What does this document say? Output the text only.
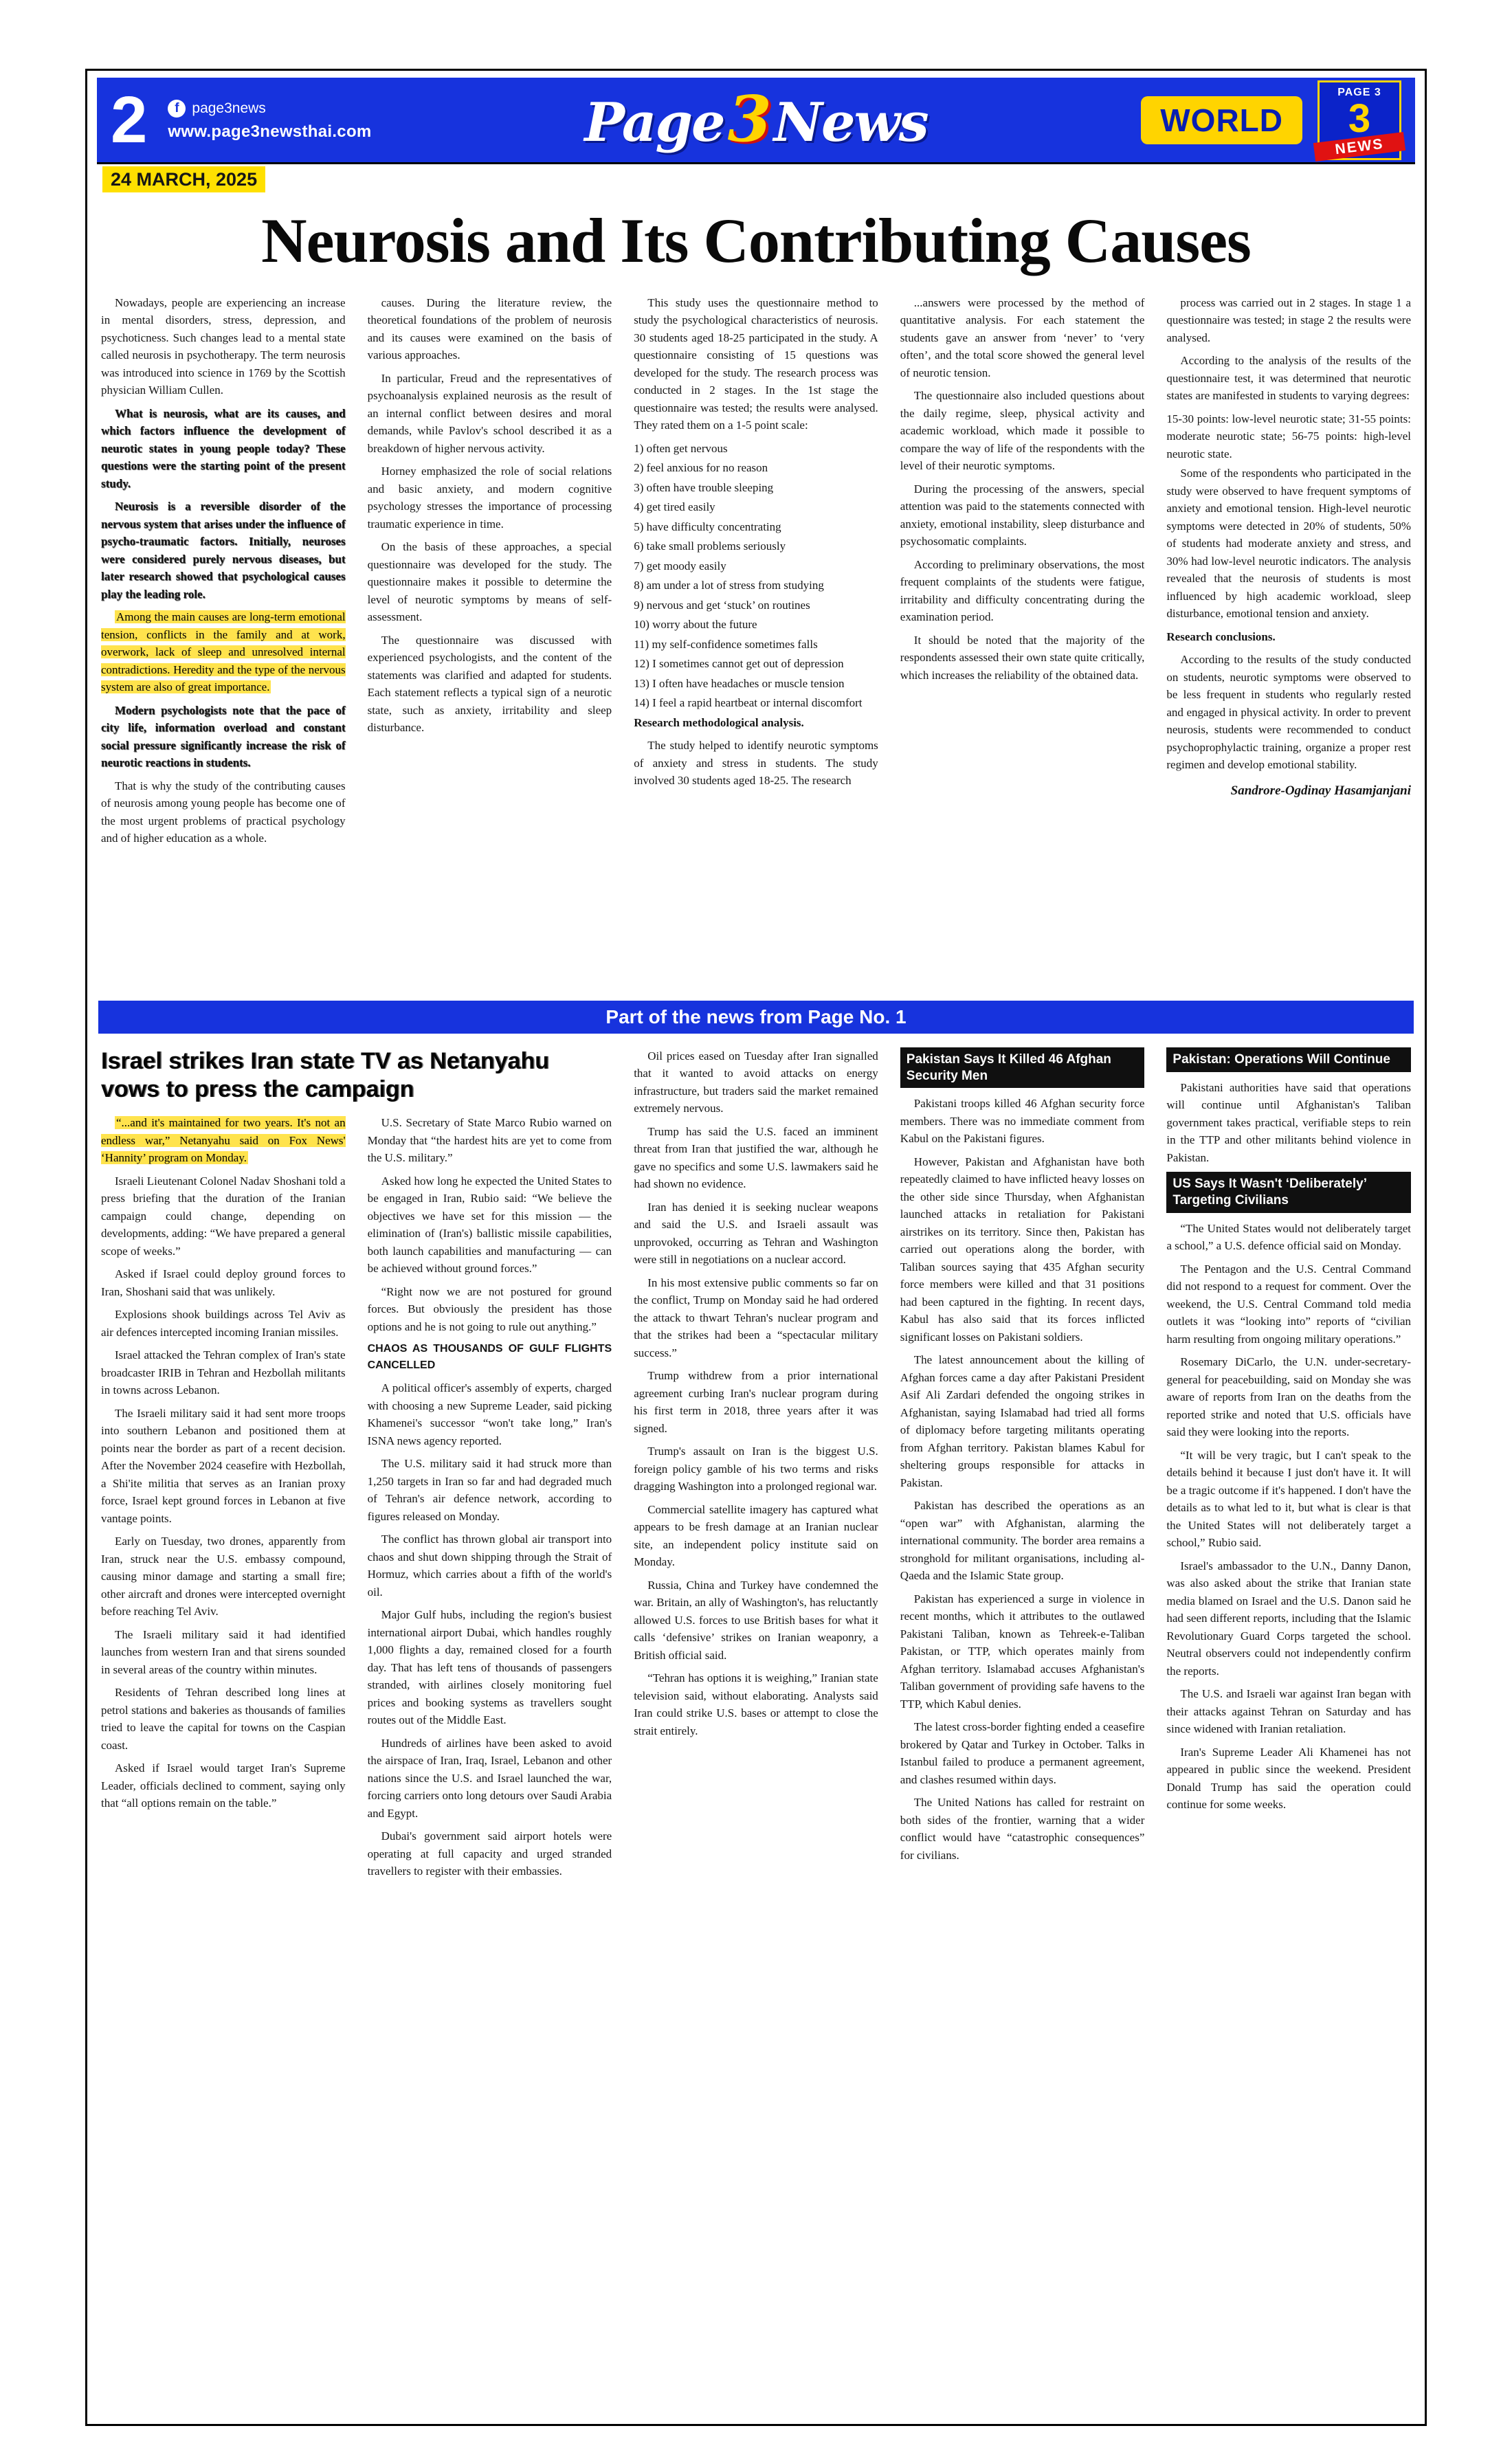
2	f page3news
www.page3newsthai.com	Page3News	WORLD
PAGE 3
3
NEWS
24 MARCH, 2025
Neurosis and Its Contributing Causes

Nowadays, people are experiencing an increase in mental disorders, stress, depression, and psychoticness. Such changes lead to a mental state called neurosis in psychotherapy. The term neurosis was introduced into science in 1769 by the Scottish physician William Cullen.

What is neurosis, what are its causes, and which factors influence the development of neurotic states in young people today? These questions were the starting point of the present study.

Neurosis is a reversible disorder of the nervous system that arises under the influence of psycho-traumatic factors. Initially, neuroses were considered purely nervous diseases, but later research showed that psychological causes play the leading role.

Among the main causes are long-term emotional tension, conflicts in the family and at work, overwork, lack of sleep and unresolved internal contradictions. Heredity and the type of the nervous system are also of great importance.

Modern psychologists note that the pace of city life, information overload and constant social pressure significantly increase the risk of neurotic reactions in students.

That is why the study of the contributing causes of neurosis among young people has become one of the most urgent problems of practical psychology and of higher education as a whole.

causes. During the literature review, the theoretical foundations of the problem of neurosis and its causes were examined on the basis of various approaches.

In particular, Freud and the representatives of psychoanalysis explained neurosis as the result of an internal conflict between desires and moral demands, while Pavlov's school described it as a breakdown of higher nervous activity.

Horney emphasized the role of social relations and basic anxiety, and modern cognitive psychology stresses the importance of processing traumatic experience in time.

On the basis of these approaches, a special questionnaire was developed for the study. The questionnaire makes it possible to determine the level of neurotic symptoms by means of self-assessment.

The questionnaire was discussed with experienced psychologists, and the content of the statements was clarified and adapted for students. Each statement reflects a typical sign of a neurotic state, such as anxiety, irritability and sleep disturbance.

This study uses the questionnaire method to study the psychological characteristics of neurosis. 30 students aged 18-25 participated in the study. A questionnaire consisting of 15 questions was developed for the study. The research process was conducted in 2 stages. In the 1st stage the questionnaire was tested; the results were analysed. They rated them on a 1-5 point scale:

1) often get nervous

2) feel anxious for no reason

3) often have trouble sleeping

4) get tired easily

5) have difficulty concentrating

6) take small problems seriously

7) get moody easily

8) am under a lot of stress from studying

9) nervous and get ‘stuck’ on routines

10) worry about the future

11) my self-confidence sometimes falls

12) I sometimes cannot get out of depression

13) I often have headaches or muscle tension

14) I feel a rapid heartbeat or internal discomfort

Research methodological analysis.

The study helped to identify neurotic symptoms of anxiety and stress in students. The study involved 30 students aged 18-25. The research

...answers were processed by the method of quantitative analysis. For each statement the students gave an answer from ‘never’ to ‘very often’, and the total score showed the general level of neurotic tension.

The questionnaire also included questions about the daily regime, sleep, physical activity and academic workload, which made it possible to compare the way of life of the respondents with the level of their neurotic symptoms.

During the processing of the answers, special attention was paid to the statements connected with anxiety, emotional instability, sleep disturbance and psychosomatic complaints.

According to preliminary observations, the most frequent complaints of the students were fatigue, irritability and difficulty concentrating during the examination period.

It should be noted that the majority of the respondents assessed their own state quite critically, which increases the reliability of the obtained data.

process was carried out in 2 stages. In stage 1 a questionnaire was tested; in stage 2 the results were analysed.

According to the analysis of the results of the questionnaire test, it was determined that neurotic states are manifested in students to varying degrees:

15-30 points: low-level neurotic state; 31-55 points: moderate neurotic state; 56-75 points: high-level neurotic state.

Some of the respondents who participated in the study were observed to have frequent symptoms of anxiety and emotional tension. High-level neurotic symptoms were detected in 20% of students, 50% of students had moderate anxiety and stress, and 30% had low-level neurotic indicators. The analysis revealed that the neurosis of students is most influenced by high academic workload, sleep disturbance, emotional tension and anxiety.

Research conclusions.

According to the results of the study conducted on students, neurotic symptoms were observed to be less frequent in students who regularly rested and engaged in physical activity. In order to prevent neurosis, students were recommended to conduct psychoprophylactic training, organize a proper rest regimen and develop emotional stability.

Sandrore-Ogdinay Hasamjanjani
Part of the news from Page No. 1
Israel strikes Iran state TV as Netanyahu vows to press the campaign

“...and it's maintained for two years. It's not an endless war,” Netanyahu said on Fox News' ‘Hannity’ program on Monday.

Israeli Lieutenant Colonel Nadav Shoshani told a press briefing that the duration of the Iranian campaign could change, depending on developments, adding: “We have prepared a general scope of weeks.”

Asked if Israel could deploy ground forces to Iran, Shoshani said that was unlikely.

Explosions shook buildings across Tel Aviv as air defences intercepted incoming Iranian missiles.

Israel attacked the Tehran complex of Iran's state broadcaster IRIB in Tehran and Hezbollah militants in towns across Lebanon.

The Israeli military said it had sent more troops into southern Lebanon and positioned them at points near the border as part of a recent decision. After the November 2024 ceasefire with Hezbollah, a Shi'ite militia that serves as an Iranian proxy force, Israel kept ground forces in Lebanon at five vantage points.

Early on Tuesday, two drones, apparently from Iran, struck near the U.S. embassy compound, causing minor damage and starting a small fire; other aircraft and drones were intercepted overnight before reaching Tel Aviv.

The Israeli military said it had identified launches from western Iran and that sirens sounded in several areas of the country within minutes.

Residents of Tehran described long lines at petrol stations and bakeries as thousands of families tried to leave the capital for towns on the Caspian coast.

Asked if Israel would target Iran's Supreme Leader, officials declined to comment, saying only that “all options remain on the table.”

U.S. Secretary of State Marco Rubio warned on Monday that “the hardest hits are yet to come from the U.S. military.”

Asked how long he expected the United States to be engaged in Iran, Rubio said: “We believe the objectives we have set for this mission — the elimination of (Iran's) ballistic missile capabilities, both launch capabilities and manufacturing — can be achieved without ground forces.”

“Right now we are not postured for ground forces. But obviously the president has those options and he is not going to rule out anything.”

CHAOS AS THOUSANDS OF GULF FLIGHTS CANCELLED

A political officer's assembly of experts, charged with choosing a new Supreme Leader, said picking Khamenei's successor “won't take long,” Iran's ISNA news agency reported.

The U.S. military said it had struck more than 1,250 targets in Iran so far and had degraded much of Tehran's air defence network, according to figures released on Monday.

The conflict has thrown global air transport into chaos and shut down shipping through the Strait of Hormuz, which carries about a fifth of the world's oil.

Major Gulf hubs, including the region's busiest international airport Dubai, which handles roughly 1,000 flights a day, remained closed for a fourth day. That has left tens of thousands of passengers stranded, with airlines closely monitoring fuel prices and booking systems as travellers sought routes out of the Middle East.

Hundreds of airlines have been asked to avoid the airspace of Iran, Iraq, Israel, Lebanon and other nations since the U.S. and Israel launched the war, forcing carriers onto long detours over Saudi Arabia and Egypt.

Dubai's government said airport hotels were operating at full capacity and urged stranded travellers to register with their embassies.

Oil prices eased on Tuesday after Iran signalled that it wanted to avoid attacks on energy infrastructure, but traders said the market remained extremely nervous.

Trump has said the U.S. faced an imminent threat from Iran that justified the war, although he gave no specifics and some U.S. lawmakers said he had shown no evidence.

Iran has denied it is seeking nuclear weapons and said the U.S. and Israeli assault was unprovoked, occurring as Tehran and Washington were still in negotiations on a nuclear accord.

In his most extensive public comments so far on the conflict, Trump on Monday said he had ordered the attack to thwart Tehran's nuclear program and that the strikes had been a “spectacular military success.”

Trump withdrew from a prior international agreement curbing Iran's nuclear program during his first term in 2018, three years after it was signed.

Trump's assault on Iran is the biggest U.S. foreign policy gamble of his two terms and risks dragging Washington into a prolonged regional war.

Commercial satellite imagery has captured what appears to be fresh damage at an Iranian nuclear site, an independent policy institute said on Monday.

Russia, China and Turkey have condemned the war. Britain, an ally of Washington's, has reluctantly allowed U.S. forces to use British bases for what it calls ‘defensive’ strikes on Iranian weaponry, a British official said.

“Tehran has options it is weighing,” Iranian state television said, without elaborating. Analysts said Iran could strike U.S. bases or attempt to close the strait entirely.

Pakistan Says It Killed 46 Afghan Security Men

Pakistani troops killed 46 Afghan security force members. There was no immediate comment from Kabul on the Pakistani figures.

However, Pakistan and Afghanistan have both repeatedly claimed to have inflicted heavy losses on the other side since Thursday, when Afghanistan launched attacks in retaliation for Pakistani airstrikes on its territory. Since then, Pakistan has carried out operations along the border, with Taliban sources saying that 435 Afghan security force members were killed and that 31 positions had been captured in the fighting. In recent days, Kabul has also said that its forces inflicted significant losses on Pakistani soldiers.

The latest announcement about the killing of Afghan forces came a day after Pakistani President Asif Ali Zardari defended the ongoing strikes in Afghanistan, saying Islamabad had tried all forms of diplomacy before targeting militants operating from Afghan territory. Pakistan blames Kabul for sheltering groups responsible for attacks in Pakistan.

Pakistan has described the operations as an “open war” with Afghanistan, alarming the international community. The border area remains a stronghold for militant organisations, including al-Qaeda and the Islamic State group.

Pakistan has experienced a surge in violence in recent months, which it attributes to the outlawed Pakistani Taliban, known as Tehreek-e-Taliban Pakistan, or TTP, which operates mainly from Afghan territory. Islamabad accuses Afghanistan's Taliban government of providing safe havens to the TTP, which Kabul denies.

The latest cross-border fighting ended a ceasefire brokered by Qatar and Turkey in October. Talks in Istanbul failed to produce a permanent agreement, and clashes resumed within days.

The United Nations has called for restraint on both sides of the frontier, warning that a wider conflict would have “catastrophic consequences” for civilians.

Pakistan: Operations Will Continue

Pakistani authorities have said that operations will continue until Afghanistan's Taliban government takes practical, verifiable steps to rein in the TTP and other militants behind violence in Pakistan.

US Says It Wasn't ‘Deliberately’ Targeting Civilians

“The United States would not deliberately target a school,” a U.S. defence official said on Monday.

The Pentagon and the U.S. Central Command did not respond to a request for comment. Over the weekend, the U.S. Central Command told media outlets it was “looking into” reports of “civilian harm resulting from ongoing military operations.”

Rosemary DiCarlo, the U.N. under-secretary-general for peacebuilding, said on Monday she was aware of reports from Iran on the deaths from the reported strike and noted that U.S. officials have said they were looking into the reports.

“It will be very tragic, but I can't speak to the details behind it because I just don't have it. It will be a tragic outcome if it's happened. I don't have the details as to what led to it, but what is clear is that the United States will not deliberately target a school,” Rubio said.

Israel's ambassador to the U.N., Danny Danon, was also asked about the strike that Iranian state media blamed on Israel and the U.S. Danon said he had seen different reports, including that the Islamic Revolutionary Guard Corps targeted the school. Neutral observers could not independently confirm the reports.

The U.S. and Israeli war against Iran began with their attacks against Tehran on Saturday and has since widened with Iranian retaliation.

Iran's Supreme Leader Ali Khamenei has not appeared in public since the weekend. President Donald Trump has said the operation could continue for some weeks.
